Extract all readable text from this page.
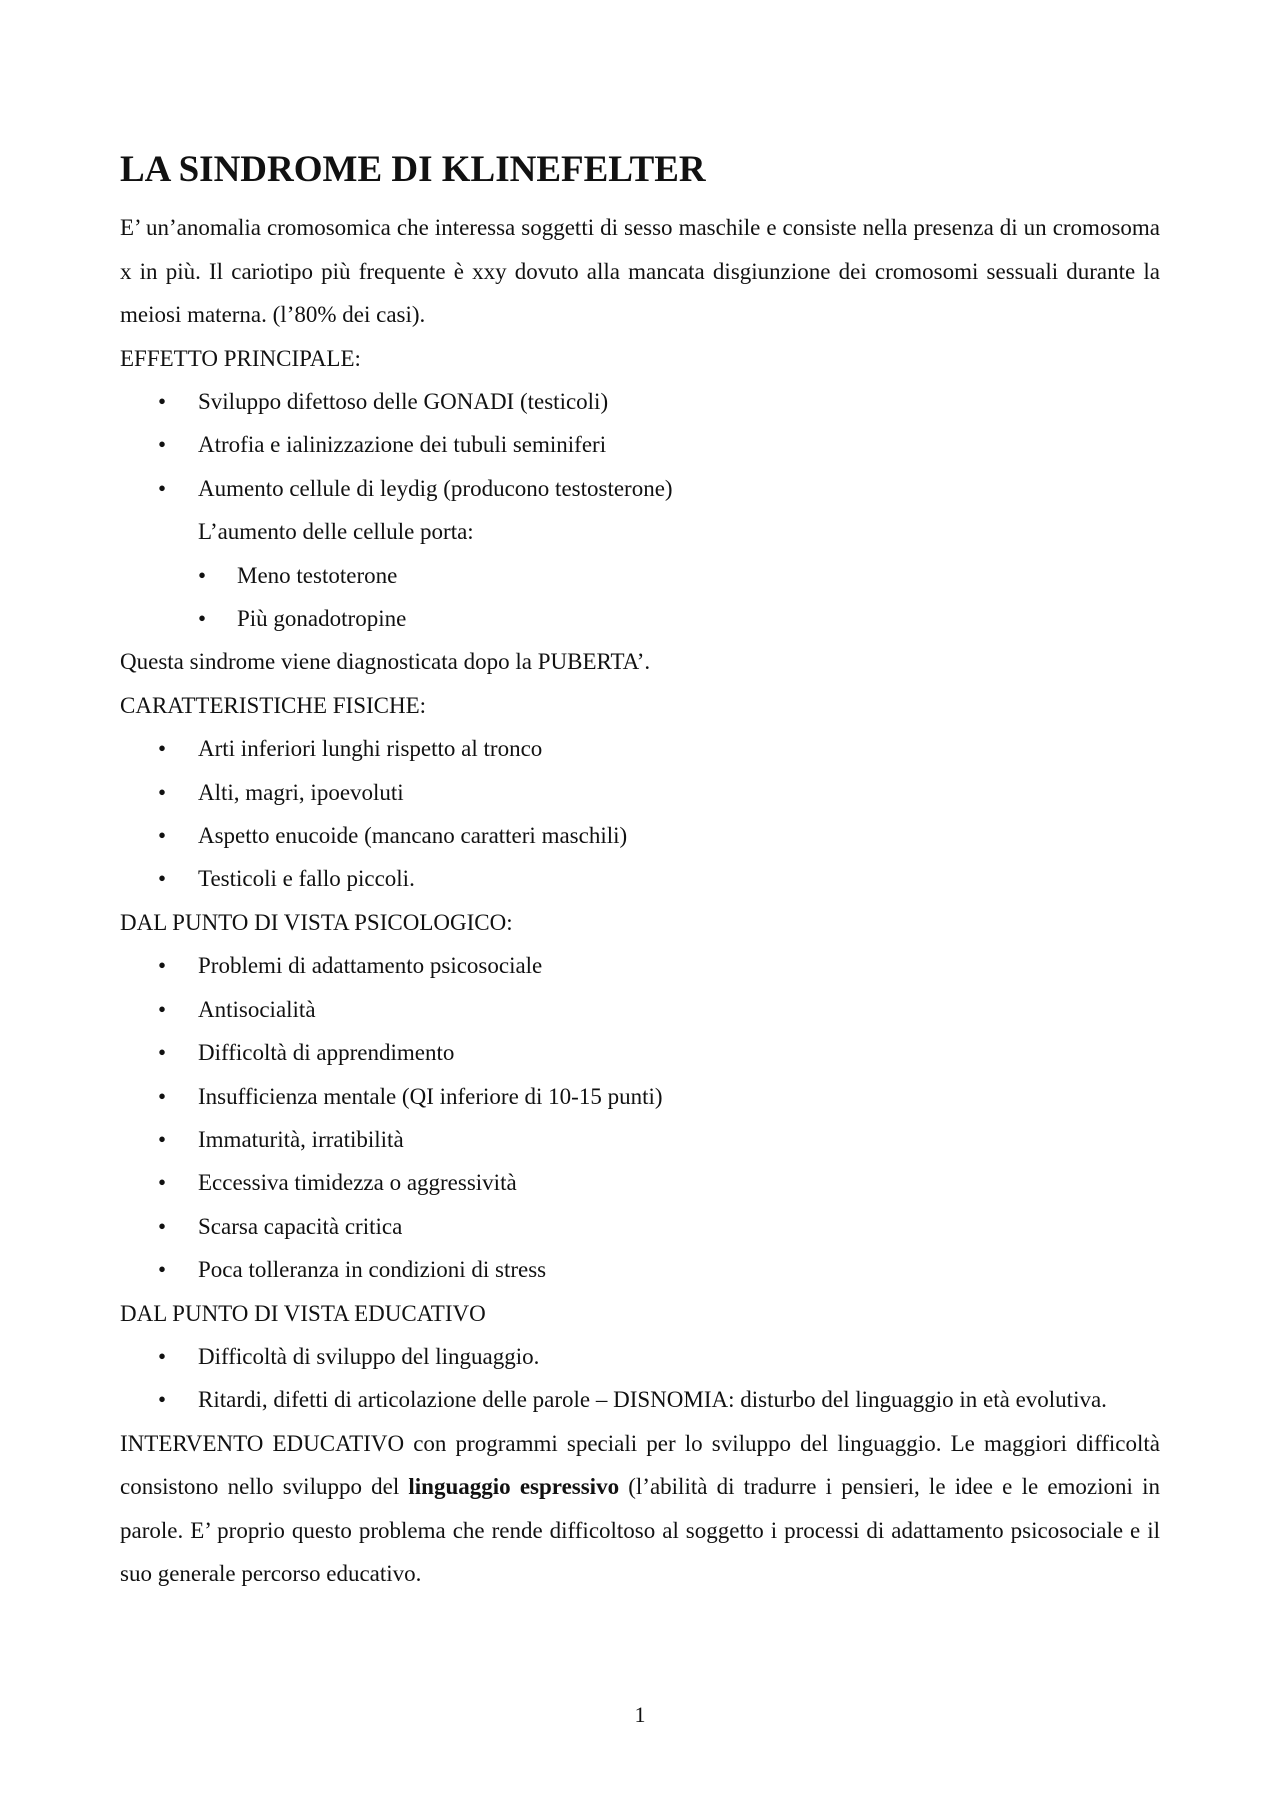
LA SINDROME DI KLINEFELTER

E’ un’anomalia cromosomica che interessa soggetti di sesso maschile e consiste nella presenza di un cromosoma x in più. Il cariotipo più frequente è xxy dovuto alla mancata disgiunzione dei cromosomi sessuali durante la meiosi materna. (l’80% dei casi).

EFFETTO PRINCIPALE:

• Sviluppo difettoso delle GONADI (testicoli)
• Atrofia e ialinizzazione dei tubuli seminiferi
• Aumento cellule di leydig (producono testosterone)

L’aumento delle cellule porta:

• Meno testoterone
• Più gonadotropine

Questa sindrome viene diagnosticata dopo la PUBERTA’.

CARATTERISTICHE FISICHE:

• Arti inferiori lunghi rispetto al tronco
• Alti, magri, ipoevoluti
• Aspetto enucoide (mancano caratteri maschili)
• Testicoli e fallo piccoli.

DAL PUNTO DI VISTA PSICOLOGICO:

• Problemi di adattamento psicosociale
• Antisocialità
• Difficoltà di apprendimento
• Insufficienza mentale (QI inferiore di 10-15 punti)
• Immaturità, irratibilità
• Eccessiva timidezza o aggressività
• Scarsa capacità critica
• Poca tolleranza in condizioni di stress

DAL PUNTO DI VISTA EDUCATIVO

• Difficoltà di sviluppo del linguaggio.
• Ritardi, difetti di articolazione delle parole – DISNOMIA: disturbo del linguaggio in età evolutiva.

INTERVENTO EDUCATIVO con programmi speciali per lo sviluppo del linguaggio. Le maggiori difficoltà consistono nello sviluppo del linguaggio espressivo (l’abilità di tradurre i pensieri, le idee e le emozioni in parole. E’ proprio questo problema che rende difficoltoso al soggetto i processi di adattamento psicosociale e il suo generale percorso educativo.

1
